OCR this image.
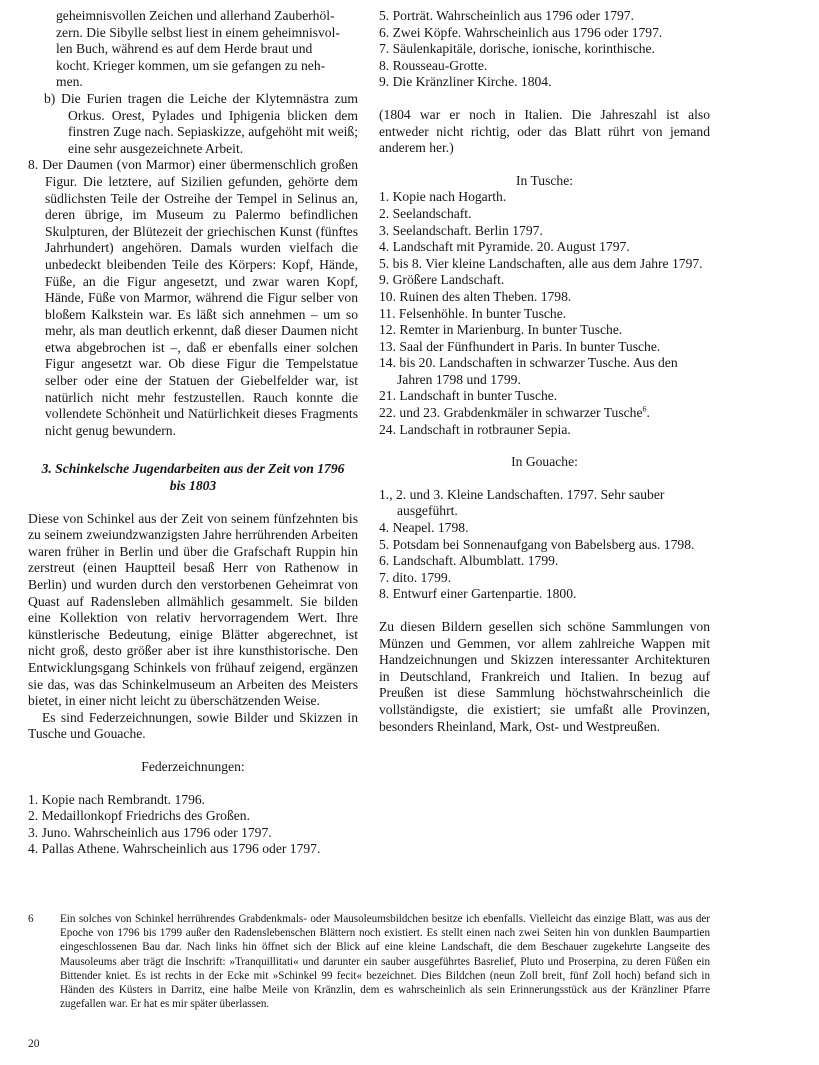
geheimnisvollen Zeichen und allerhand Zauberhöl-
zern. Die Sibylle selbst liest in einem geheimnisvol-
len Buch, während es auf dem Herde braut und
kocht. Krieger kommen, um sie gefangen zu neh-
men.

b) Die Furien tragen die Leiche der Klytemnästra zum Orkus. Orest, Pylades und Iphigenia blicken dem finstren Zuge nach. Sepiaskizze, aufgehöht mit weiß; eine sehr ausgezeichnete Arbeit.

8. Der Daumen (von Marmor) einer übermenschlich großen Figur. Die letztere, auf Sizilien gefunden, gehörte dem südlichsten Teile der Ostreihe der Tempel in Selinus an, deren übrige, im Museum zu Palermo befindlichen Skulpturen, der Blütezeit der griechischen Kunst (fünftes Jahrhundert) angehören. Damals wurden vielfach die unbedeckt bleibenden Teile des Körpers: Kopf, Hände, Füße, an die Figur angesetzt, und zwar waren Kopf, Hände, Füße von Marmor, während die Figur selber von bloßem Kalkstein war. Es läßt sich annehmen – um so mehr, als man deutlich erkennt, daß dieser Daumen nicht etwa abgebrochen ist –, daß er ebenfalls einer solchen Figur angesetzt war. Ob diese Figur die Tempelstatue selber oder eine der Statuen der Giebelfelder war, ist natürlich nicht mehr festzustellen. Rauch konnte die vollendete Schönheit und Natürlichkeit dieses Fragments nicht genug bewundern.

3. Schinkelsche Jugendarbeiten aus der Zeit von 1796
bis 1803

Diese von Schinkel aus der Zeit von seinem fünfzehnten bis zu seinem zweiundzwanzigsten Jahre herrührenden Arbeiten waren früher in Berlin und über die Grafschaft Ruppin hin zerstreut (einen Hauptteil besaß Herr von Rathenow in Berlin) und wurden durch den verstorbenen Geheimrat von Quast auf Radensleben allmählich gesammelt. Sie bilden eine Kollektion von relativ hervorragendem Wert. Ihre künstlerische Bedeutung, einige Blätter abgerechnet, ist nicht groß, desto größer aber ist ihre kunsthistorische. Den Entwicklungsgang Schinkels von frühauf zeigend, ergänzen sie das, was das Schinkelmuseum an Arbeiten des Meisters bietet, in einer nicht leicht zu überschätzenden Weise.

Es sind Federzeichnungen, sowie Bilder und Skizzen in Tusche und Gouache.

Federzeichnungen:

1. Kopie nach Rembrandt. 1796.
2. Medaillonkopf Friedrichs des Großen.
3. Juno. Wahrscheinlich aus 1796 oder 1797.
4. Pallas Athene. Wahrscheinlich aus 1796 oder 1797.
5. Porträt. Wahrscheinlich aus 1796 oder 1797.
6. Zwei Köpfe. Wahrscheinlich aus 1796 oder 1797.
7. Säulenkapitäle, dorische, ionische, korinthische.
8. Rousseau-Grotte.
9. Die Kränzliner Kirche. 1804.

(1804 war er noch in Italien. Die Jahreszahl ist also entweder nicht richtig, oder das Blatt rührt von jemand anderem her.)

In Tusche:

1. Kopie nach Hogarth.
2. Seelandschaft.
3. Seelandschaft. Berlin 1797.
4. Landschaft mit Pyramide. 20. August 1797.
5. bis 8. Vier kleine Landschaften, alle aus dem Jahre 1797.
9. Größere Landschaft.
10. Ruinen des alten Theben. 1798.
11. Felsenhöhle. In bunter Tusche.
12. Remter in Marienburg. In bunter Tusche.
13. Saal der Fünfhundert in Paris. In bunter Tusche.
14. bis 20. Landschaften in schwarzer Tusche. Aus den Jahren 1798 und 1799.
21. Landschaft in bunter Tusche.
22. und 23. Grabdenkmäler in schwarzer Tusche$^6$.
24. Landschaft in rotbrauner Sepia.

In Gouache:

1., 2. und 3. Kleine Landschaften. 1797. Sehr sauber ausgeführt.
4. Neapel. 1798.
5. Potsdam bei Sonnenaufgang von Babelsberg aus. 1798.
6. Landschaft. Albumblatt. 1799.
7. dito. 1799.
8. Entwurf einer Gartenpartie. 1800.

Zu diesen Bildern gesellen sich schöne Sammlungen von Münzen und Gemmen, vor allem zahlreiche Wappen mit Handzeichnungen und Skizzen interessanter Architekturen in Deutschland, Frankreich und Italien. In bezug auf Preußen ist diese Sammlung höchstwahrscheinlich die vollständigste, die existiert; sie umfaßt alle Provinzen, besonders Rheinland, Mark, Ost- und Westpreußen.

6 Ein solches von Schinkel herrührendes Grabdenkmals- oder Mausoleumsbildchen besitze ich ebenfalls. Vielleicht das einzige Blatt, was aus der Epoche von 1796 bis 1799 außer den Radenslebenschen Blättern noch existiert. Es stellt einen nach zwei Seiten hin von dunklen Baumpartien eingeschlossenen Bau dar. Nach links hin öffnet sich der Blick auf eine kleine Landschaft, die dem Beschauer zugekehrte Langseite des Mausoleums aber trägt die Inschrift: »Tranquillitati« und darunter ein sauber ausgeführtes Basrelief, Pluto und Proserpina, zu deren Füßen ein Bittender kniet. Es ist rechts in der Ecke mit »Schinkel 99 fecit« bezeichnet. Dies Bildchen (neun Zoll breit, fünf Zoll hoch) befand sich in Händen des Küsters in Darritz, eine halbe Meile von Kränzlin, dem es wahrscheinlich als sein Erinnerungsstück aus der Kränzliner Pfarre zugefallen war. Er hat es mir später überlassen.
20
